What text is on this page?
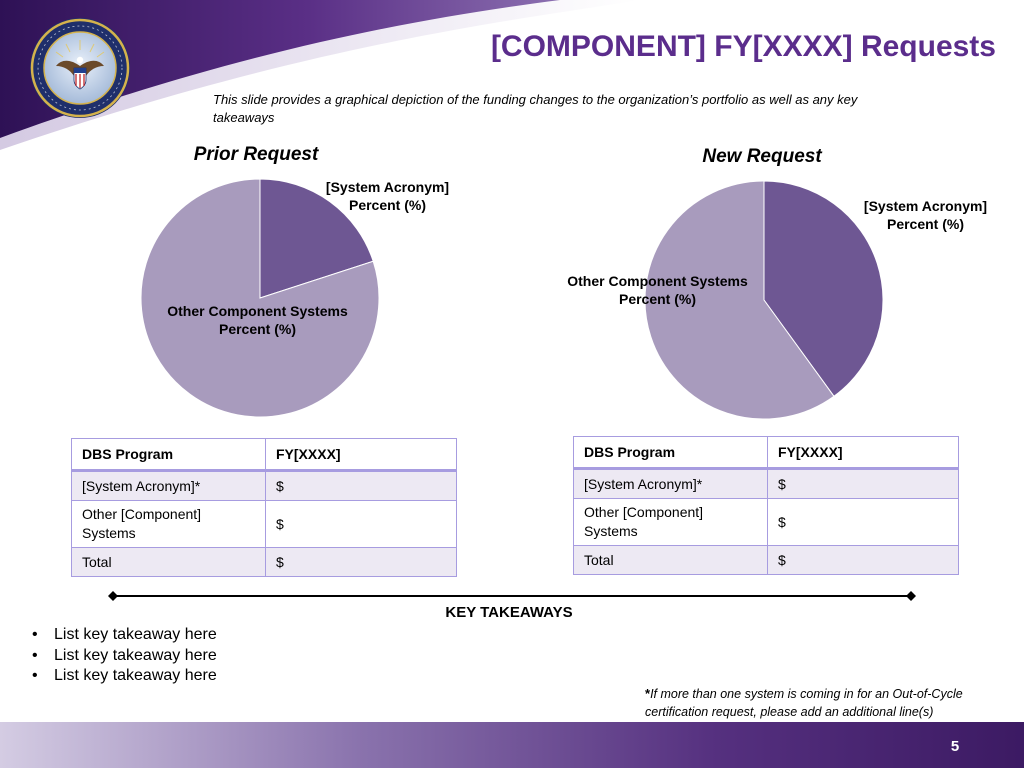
[COMPONENT] FY[XXXX] Requests
This slide provides a graphical depiction of the funding changes to the organization’s portfolio as well as any key takeaways
Prior Request
[System Acronym]
Percent (%)
Other Component Systems
Percent (%)
New Request
[System Acronym]
Percent (%)
Other Component Systems
Percent (%)
DBS Program	FY[XXXX]
[System Acronym]*	$
Other [Component] Systems	$
Total	$
DBS Program	FY[XXXX]
[System Acronym]*	$
Other [Component] Systems	$
Total	$
KEY TAKEAWAYS
• List key takeaway here
• List key takeaway here
• List key takeaway here
*If more than one system is coming in for an Out-of-Cycle certification request, please add an additional line(s)
5
